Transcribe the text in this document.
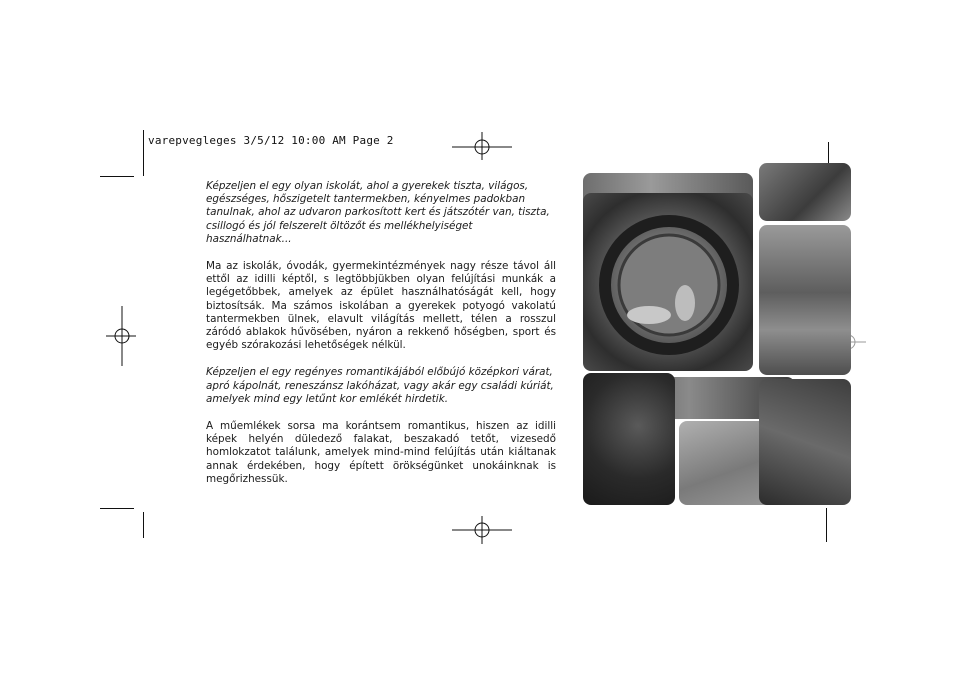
varepvegleges 3/5/12 10:00 AM Page 2

Képzeljen el egy olyan iskolát, ahol a gyerekek tiszta, világos, egészséges, hőszigetelt tantermekben, kényelmes padokban tanulnak, ahol az udvaron parkosított kert és játszótér van, tiszta, csillogó és jól felszerelt öltözőt és mellékhelyiséget használhatnak...

Ma az iskolák, óvodák, gyermekintézmények nagy része távol áll ettől az idilli képtől, s legtöbbjükben olyan felújítási munkák a legégetőbbek, amelyek az épület használhatóságát kell, hogy biztosítsák. Ma számos iskolában a gyerekek potyogó vakolatú tantermekben ülnek, elavult világítás mellett, télen a rosszul záródó ablakok hűvösében, nyáron a rekkenő hőségben, sport és egyéb szórakozási lehetőségek nélkül.

Képzeljen el egy regényes romantikájából előbújó középkori várat, apró kápolnát, reneszánsz lakóházat, vagy akár egy családi kúriát, amelyek mind egy letűnt kor emlékét hirdetik.

A műemlékek sorsa ma korántsem romantikus, hiszen az idilli képek helyén düledező falakat, beszakadó tetőt, vizesedő homlokzatot találunk, amelyek mind-mind felújítás után kiáltanak annak érdekében, hogy épített örökségünket unokáinknak is megőrizhessük.
